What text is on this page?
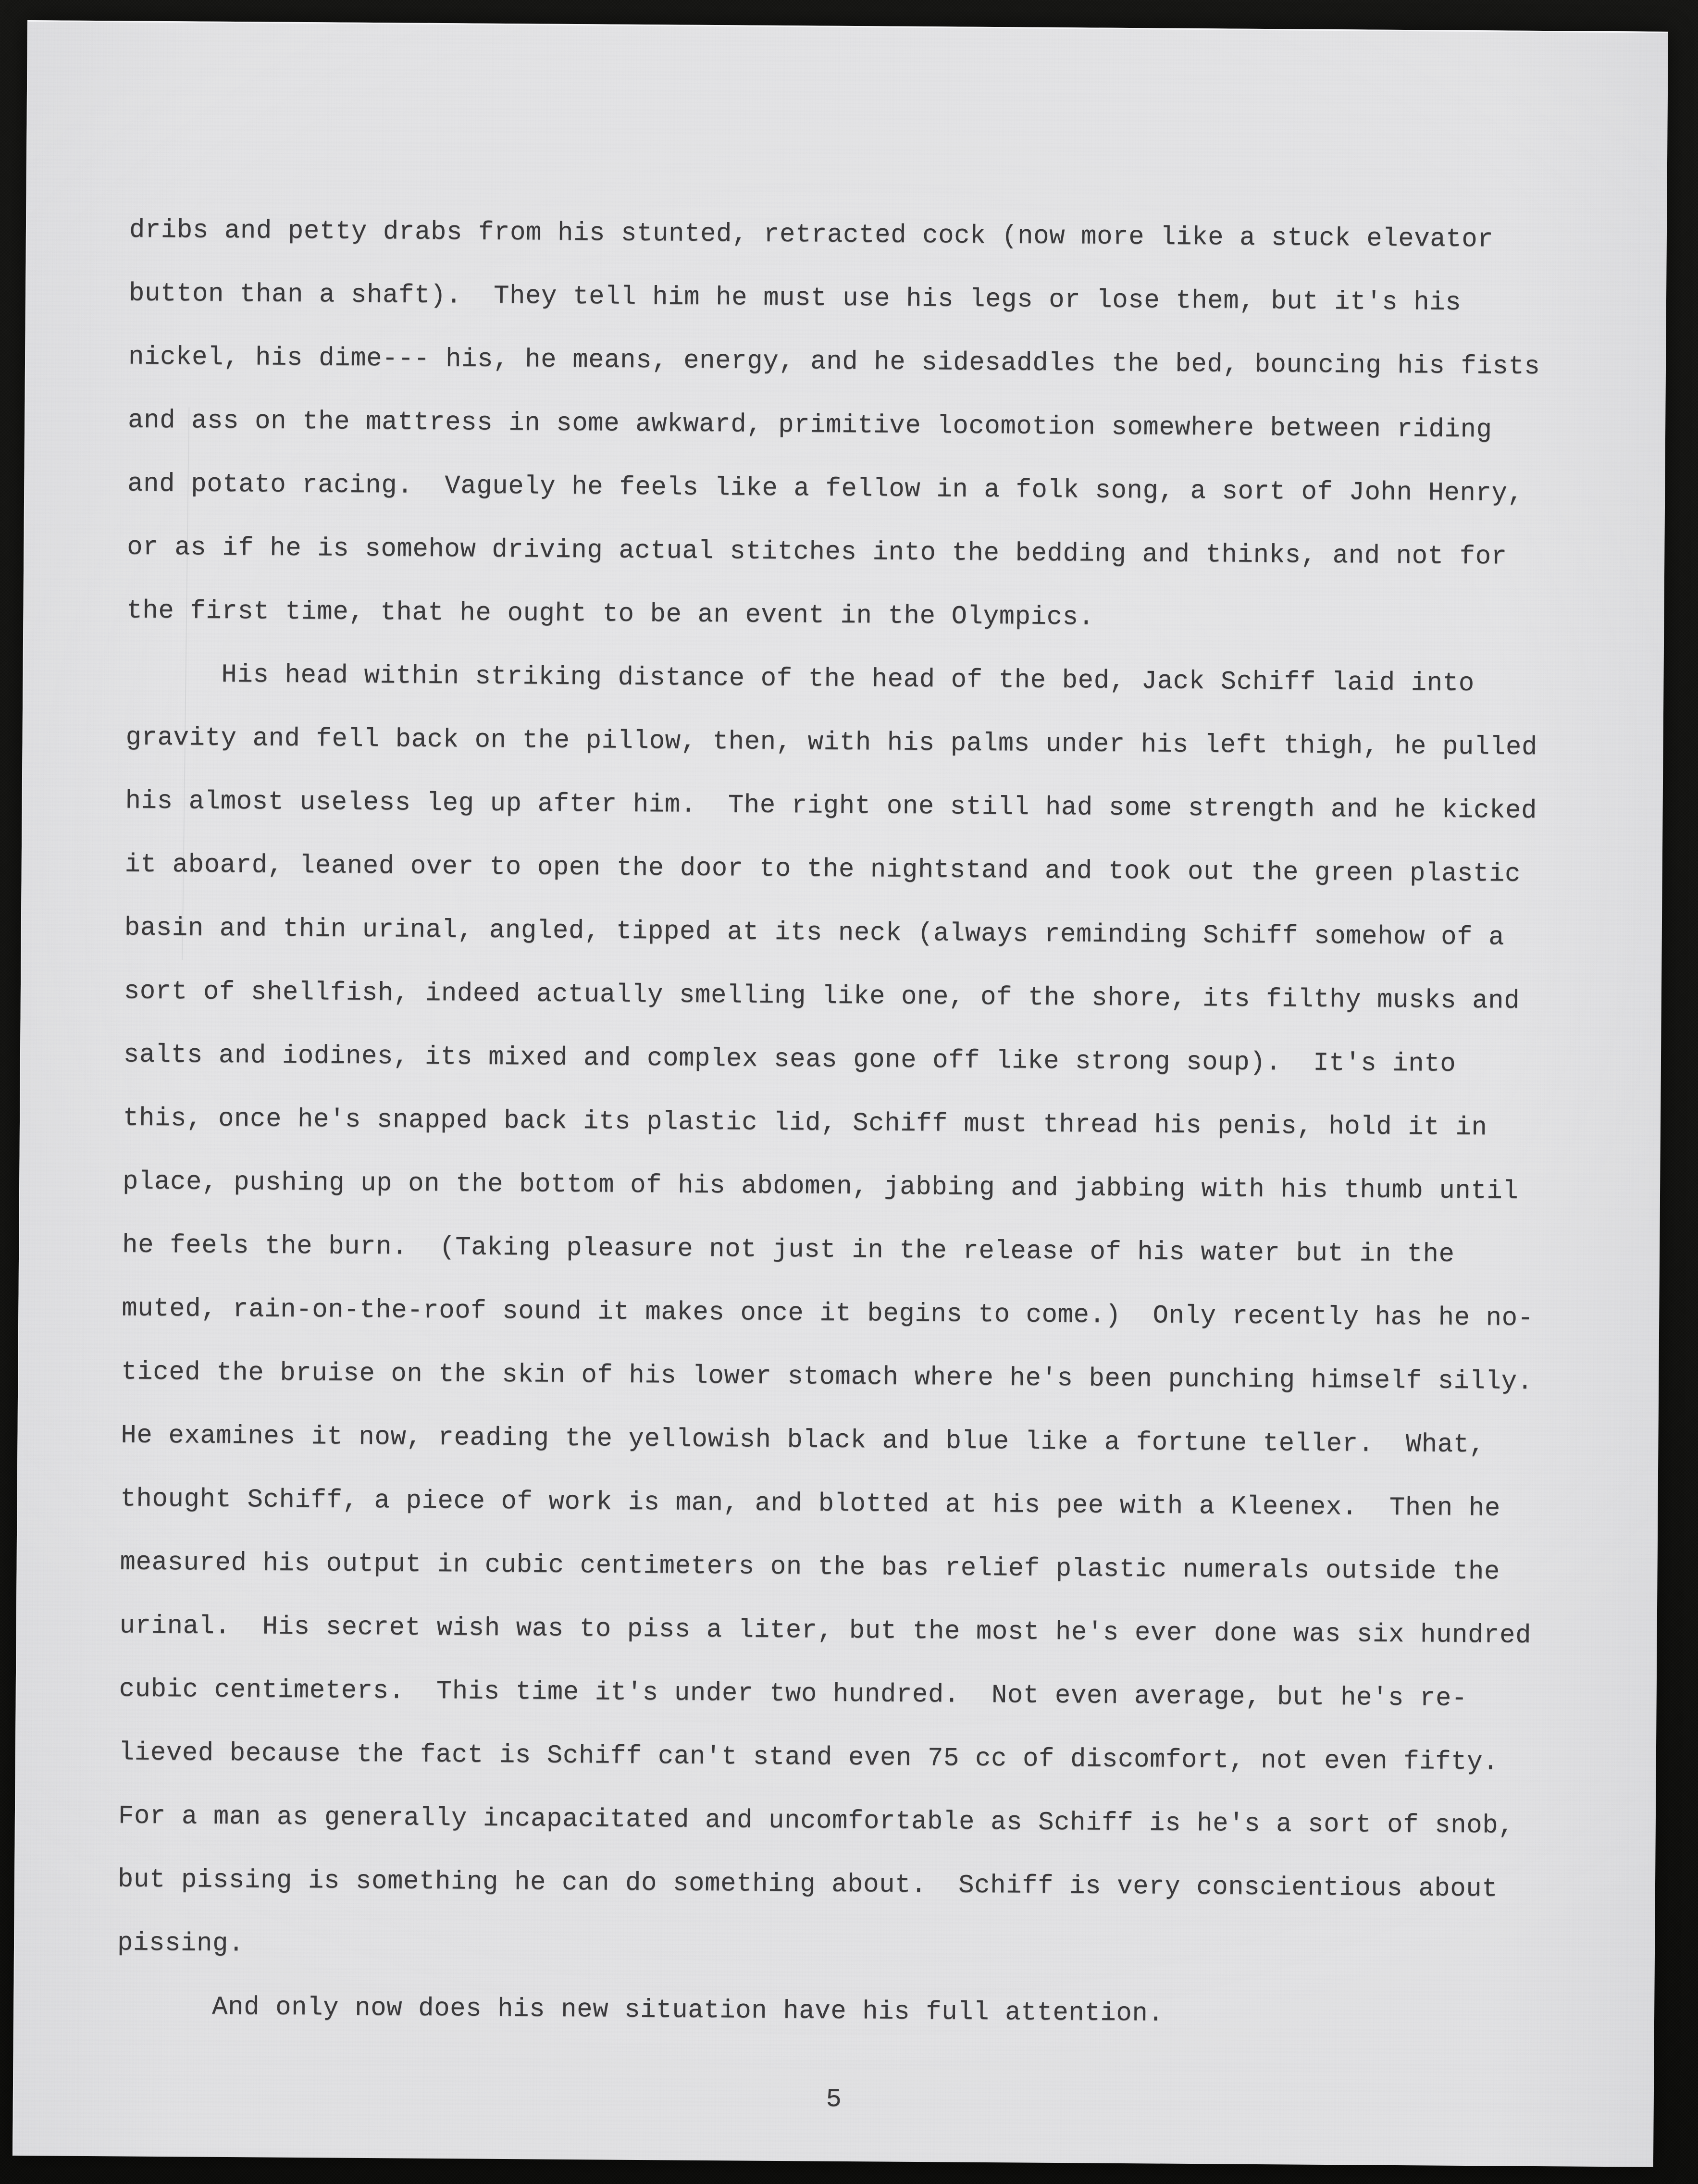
dribs and petty drabs from his stunted, retracted cock (now more like a stuck elevator
button than a shaft).  They tell him he must use his legs or lose them, but it's his
nickel, his dime--- his, he means, energy, and he sidesaddles the bed, bouncing his fists
and ass on the mattress in some awkward, primitive locomotion somewhere between riding
and potato racing.  Vaguely he feels like a fellow in a folk song, a sort of John Henry,
or as if he is somehow driving actual stitches into the bedding and thinks, and not for
the first time, that he ought to be an event in the Olympics.
His head within striking distance of the head of the bed, Jack Schiff laid into
gravity and fell back on the pillow, then, with his palms under his left thigh, he pulled
his almost useless leg up after him.  The right one still had some strength and he kicked
it aboard, leaned over to open the door to the nightstand and took out the green plastic
basin and thin urinal, angled, tipped at its neck (always reminding Schiff somehow of a
sort of shellfish, indeed actually smelling like one, of the shore, its filthy musks and
salts and iodines, its mixed and complex seas gone off like strong soup).  It's into
this, once he's snapped back its plastic lid, Schiff must thread his penis, hold it in
place, pushing up on the bottom of his abdomen, jabbing and jabbing with his thumb until
he feels the burn.  (Taking pleasure not just in the release of his water but in the
muted, rain-on-the-roof sound it makes once it begins to come.)  Only recently has he no-
ticed the bruise on the skin of his lower stomach where he's been punching himself silly.
He examines it now, reading the yellowish black and blue like a fortune teller.  What,
thought Schiff, a piece of work is man, and blotted at his pee with a Kleenex.  Then he
measured his output in cubic centimeters on the bas relief plastic numerals outside the
urinal.  His secret wish was to piss a liter, but the most he's ever done was six hundred
cubic centimeters.  This time it's under two hundred.  Not even average, but he's re-
lieved because the fact is Schiff can't stand even 75 cc of discomfort, not even fifty.
For a man as generally incapacitated and uncomfortable as Schiff is he's a sort of snob,
but pissing is something he can do something about.  Schiff is very conscientious about
pissing.
And only now does his new situation have his full attention.
5
